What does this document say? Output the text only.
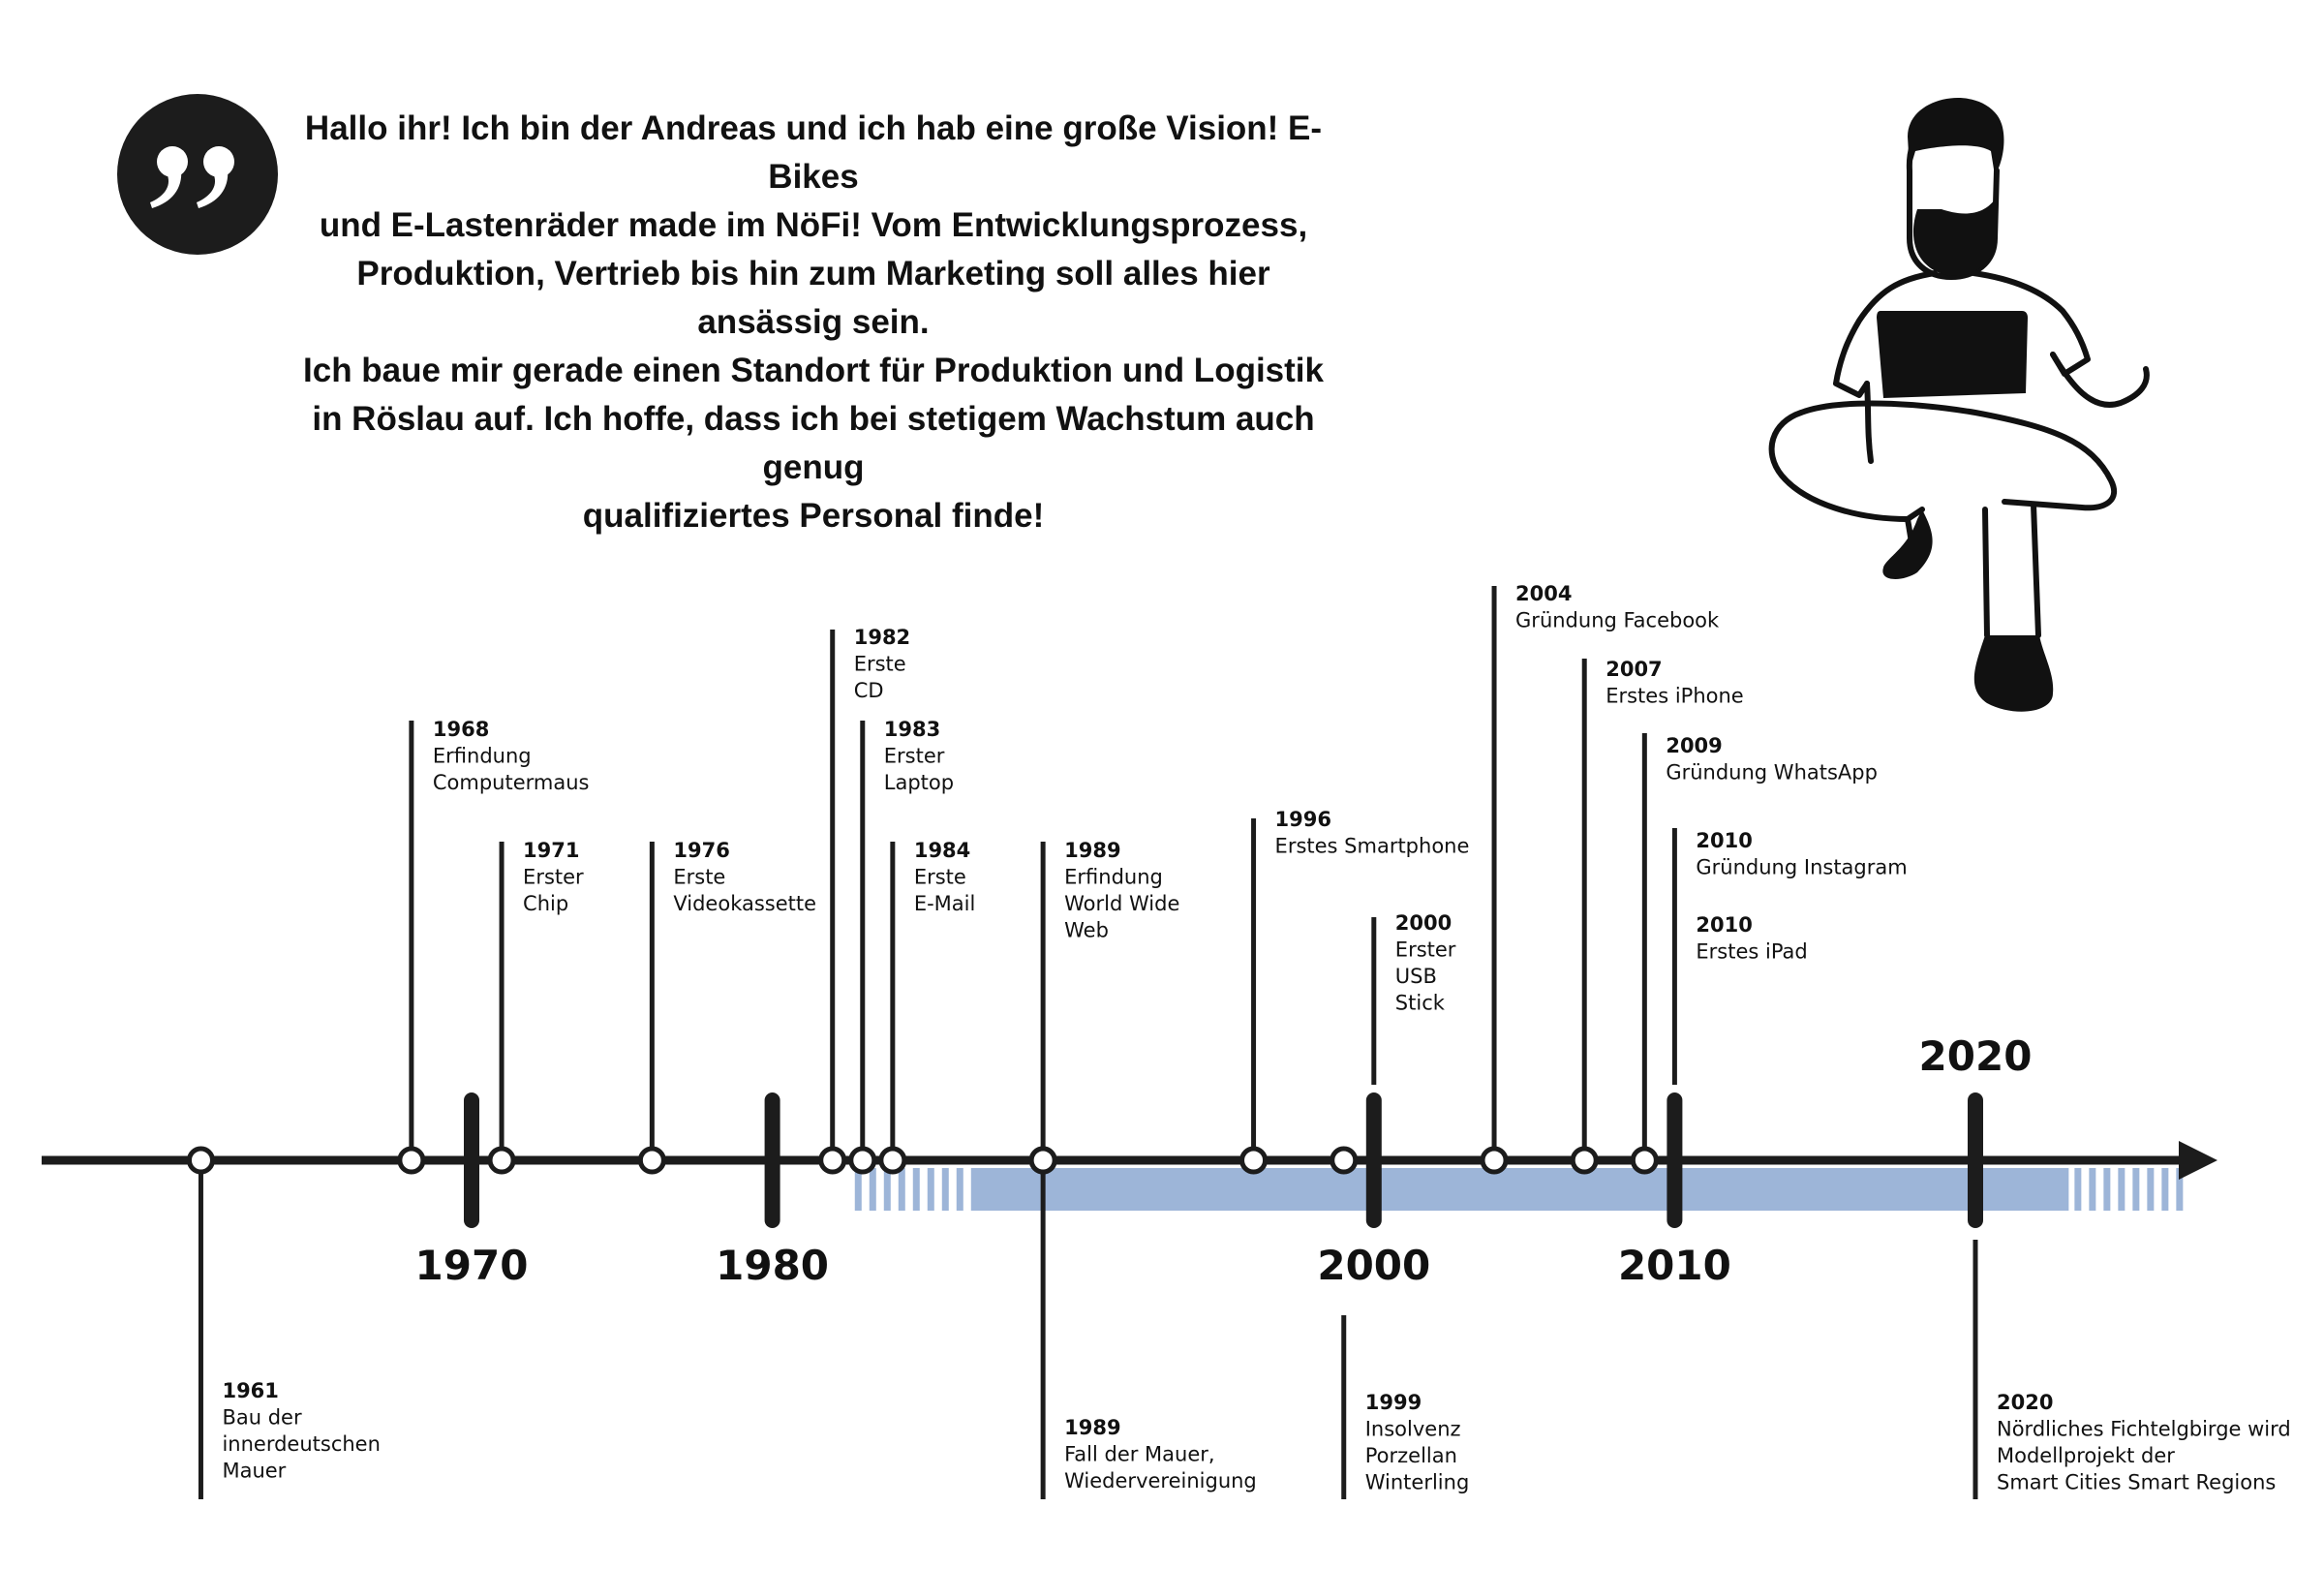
Hallo ihr! Ich bin der Andreas und ich hab eine große Vision! E-Bikes
und E-Lastenräder made im NöFi! Vom Entwicklungsprozess,
Produktion, Vertrieb bis hin zum Marketing soll alles hier ansässig sein.
Ich baue mir gerade einen Standort für Produktion und Logistik
in Röslau auf. Ich hoffe, dass ich bei stetigem Wachstum auch genug
qualifiziertes Personal finde!
1968
Erfindung
Computermaus
1971
Erster
Chip
1976
Erste
Videokassette
1982
Erste
CD
1983
Erster
Laptop
1984
Erste
E-Mail
1989
Erfindung
World Wide
Web
1996
Erstes Smartphone
2000
Erster
USB
Stick
2004
Gründung Facebook
2007
Erstes iPhone
2009
Gründung WhatsApp
2010
Gründung Instagram
2010
Erstes iPad
1961
Bau der
innerdeutschen
Mauer
1989
Fall der Mauer,
Wiedervereinigung
1999
Insolvenz
Porzellan
Winterling
2020
Nördliches Fichtelgbirge wird
Modellprojekt der
Smart Cities Smart Regions
1970	1980	2000	2010
2020
